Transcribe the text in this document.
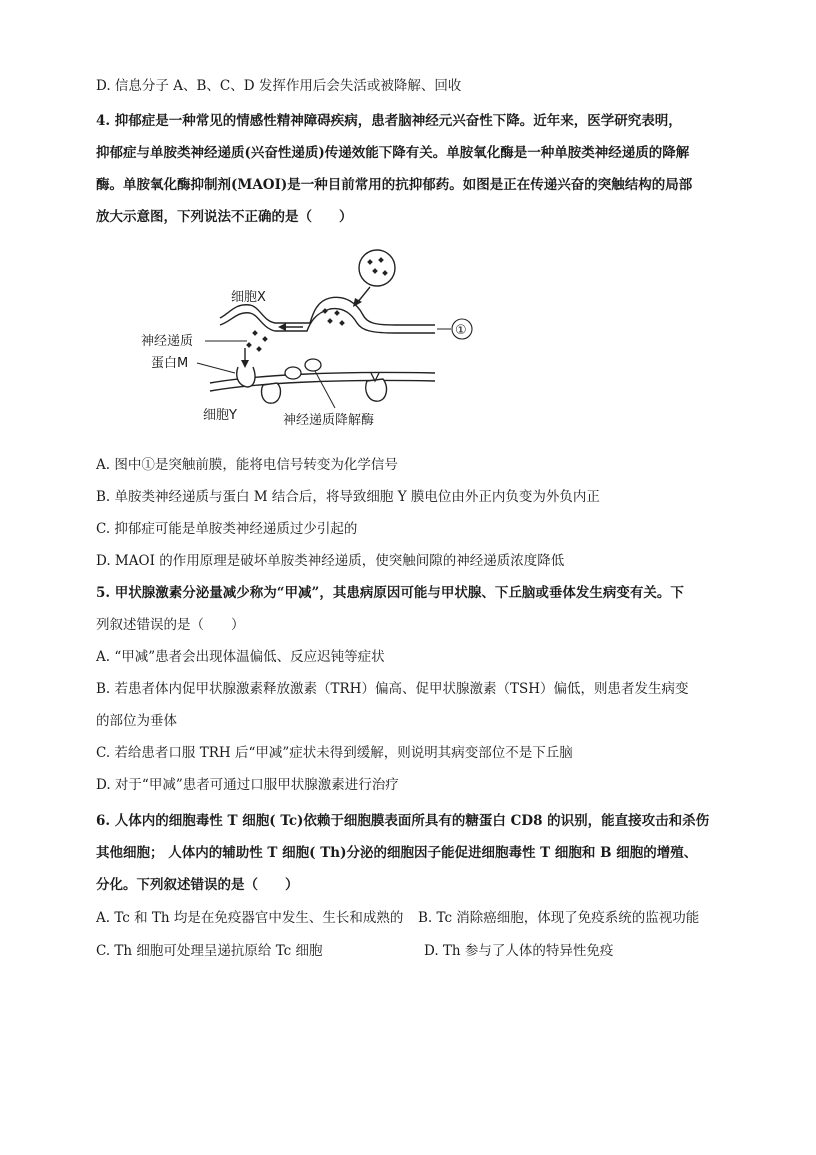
D. 信息分子 A、B、C、D 发挥作用后会失活或被降解、回收
4. 抑郁症是一种常见的情感性精神障碍疾病，患者脑神经元兴奋性下降。近年来，医学研究表明，
抑郁症与单胺类神经递质(兴奋性递质)传递效能下降有关。单胺氧化酶是一种单胺类神经递质的降解
酶。单胺氧化酶抑制剂(MAOI)是一种目前常用的抗抑郁药。如图是正在传递兴奋的突触结构的局部
放大示意图，下列说法不正确的是（　　）
细胞X
神经递质
蛋白M
细胞Y	神经递质降解酶
①
A. 图中①是突触前膜，能将电信号转变为化学信号
B. 单胺类神经递质与蛋白 M 结合后，将导致细胞 Y 膜电位由外正内负变为外负内正
C. 抑郁症可能是单胺类神经递质过少引起的
D. MAOI 的作用原理是破坏单胺类神经递质，使突触间隙的神经递质浓度降低
5. 甲状腺激素分泌量减少称为“甲减”，其患病原因可能与甲状腺、下丘脑或垂体发生病变有关。下
列叙述错误的是（　　）
A. “甲减”患者会出现体温偏低、反应迟钝等症状
B. 若患者体内促甲状腺激素释放激素（TRH）偏高、促甲状腺激素（TSH）偏低，则患者发生病变
的部位为垂体
C. 若给患者口服 TRH 后“甲减”症状未得到缓解，则说明其病变部位不是下丘脑
D. 对于“甲减”患者可通过口服甲状腺激素进行治疗
6. 人体内的细胞毒性 T 细胞( Tc)依赖于细胞膜表面所具有的糖蛋白 CD8 的识别，能直接攻击和杀伤
其他细胞； 人体内的辅助性 T 细胞( Th)分泌的细胞因子能促进细胞毒性 T 细胞和 B 细胞的增殖、
分化。下列叙述错误的是（　　）
A. Tc 和 Th 均是在免疫器官中发生、生长和成熟的 B. Tc 消除癌细胞，体现了免疫系统的监视功能
C. Th 细胞可处理呈递抗原给 Tc 细胞	D. Th 参与了人体的特异性免疫
